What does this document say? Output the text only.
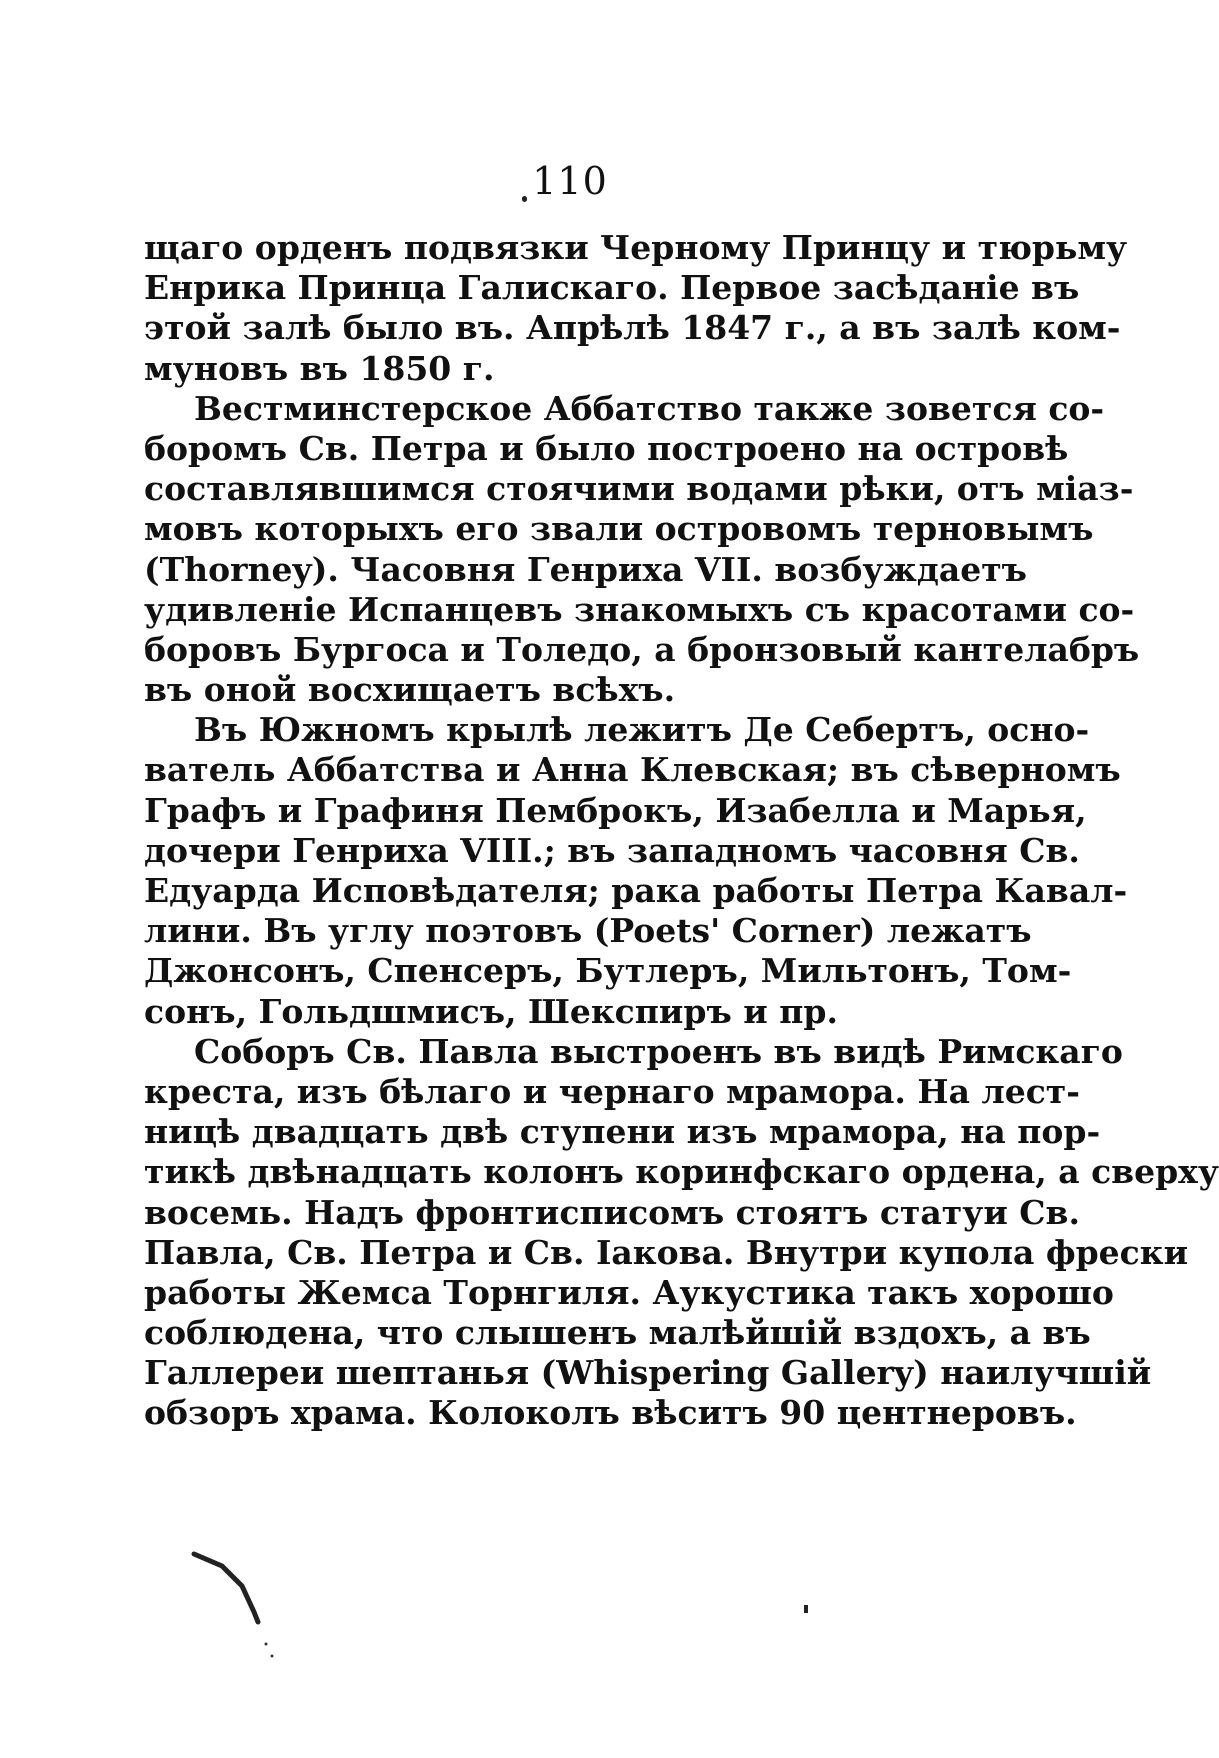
110
щаго орденъ подвязки Черному Принцу и тюрьму
Енрика Принца Галискаго. Первое засѣданіе въ
этой залѣ было въ. Апрѣлѣ 1847 г., а въ залѣ ком-
муновъ въ 1850 г.
Вестминстерское Аббатство также зовется со-
боромъ Св. Петра и было построено на островѣ
составлявшимся стоячими водами рѣки, отъ міаз-
мовъ которыхъ его звали островомъ терновымъ
(Thorney). Часовня Генриха VII. возбуждаетъ
удивленіе Испанцевъ знакомыхъ съ красотами со-
боровъ Бургоса и Толедо, а бронзовый кантелабръ
въ оной восхищаетъ всѣхъ.
Въ Южномъ крылѣ лежитъ Де Себертъ, осно-
ватель Аббатства и Анна Клевская; въ сѣверномъ
Графъ и Графиня Пемброкъ, Изабелла и Марья,
дочери Генриха VIII.; въ западномъ часовня Св.
Едуарда Исповѣдателя; рака работы Петра Кавал-
лини. Въ углу поэтовъ (Poets' Corner) лежатъ
Джонсонъ, Спенсеръ, Бутлеръ, Мильтонъ, Том-
сонъ, Гольдшмисъ, Шекспиръ и пр.
Соборъ Св. Павла выстроенъ въ видѣ Римскаго
креста, изъ бѣлаго и чернаго мрамора. На лест-
ницѣ двадцать двѣ ступени изъ мрамора, на пор-
тикѣ двѣнадцать колонъ коринфскаго ордена, а сверху
восемь. Надъ фронтисписомъ стоятъ статуи Св.
Павла, Св. Петра и Св. Іакова. Внутри купола фрески
работы Жемса Торнгиля. Аукустика такъ хорошо
соблюдена, что слышенъ малѣйшій вздохъ, а въ
Галлереи шептанья (Whispering Gallery) наилучшій
обзоръ храма. Колоколъ вѣситъ 90 центнеровъ.
